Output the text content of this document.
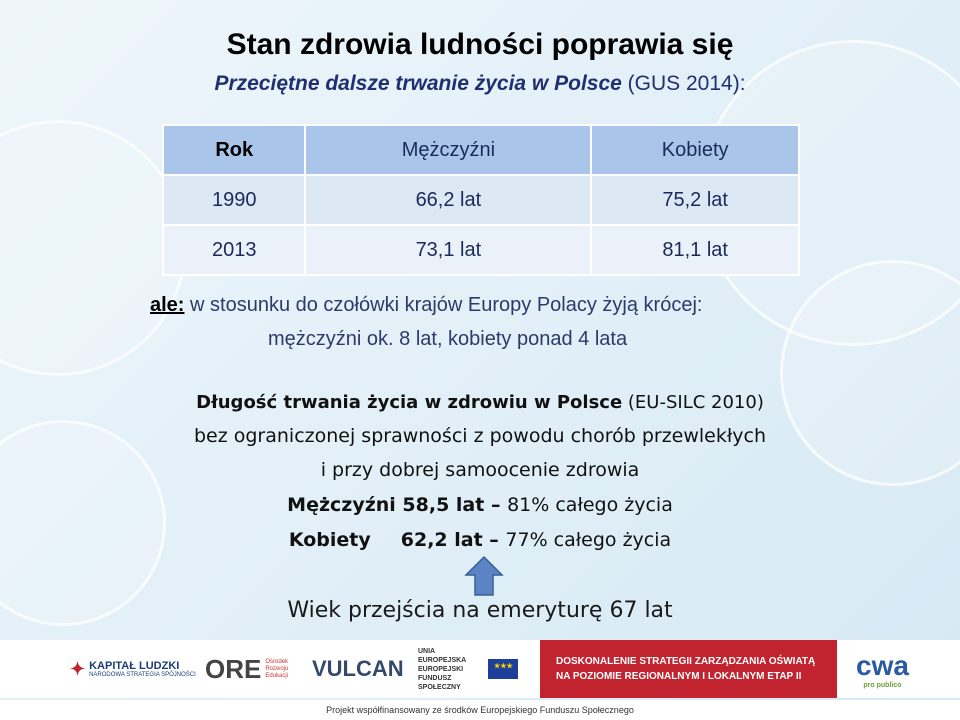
Stan zdrowia ludności poprawia się
Przeciętne dalsze trwanie życia w Polsce (GUS 2014):
Rok	Mężczyźni	Kobiety
1990	66,2 lat	75,2 lat
2013	73,1 lat	81,1 lat
ale: w stosunku do czołówki krajów Europy Polacy żyją krócej:
mężczyźni ok. 8 lat, kobiety ponad 4 lata
Długość trwania życia w zdrowiu w Polsce (EU-SILC 2010)
bez ograniczonej sprawności z powodu chorób przewlekłych
i przy dobrej samoocenie zdrowia
Mężczyźni 58,5 lat – 81% całego życia
Kobiety 62,2 lat – 77% całego życia
Wiek przejścia na emeryturę 67 lat
✦ KAPITAŁ LUDZKI
NARODOWA STRATEGIA SPÓJNOŚCI ORE Ośrodek Rozwoju Edukacji	VULCAN
UNIA EUROPEJSKA EUROPEJSKI FUNDUSZ SPOŁECZNY
★★★	DOSKONALENIE STRATEGII ZARZĄDZANIA OŚWIATĄ
NA POZIOMIE REGIONALNYM I LOKALNYM ETAP II	cwa
pro publico
Projekt współfinansowany ze środków Europejskiego Funduszu Społecznego
